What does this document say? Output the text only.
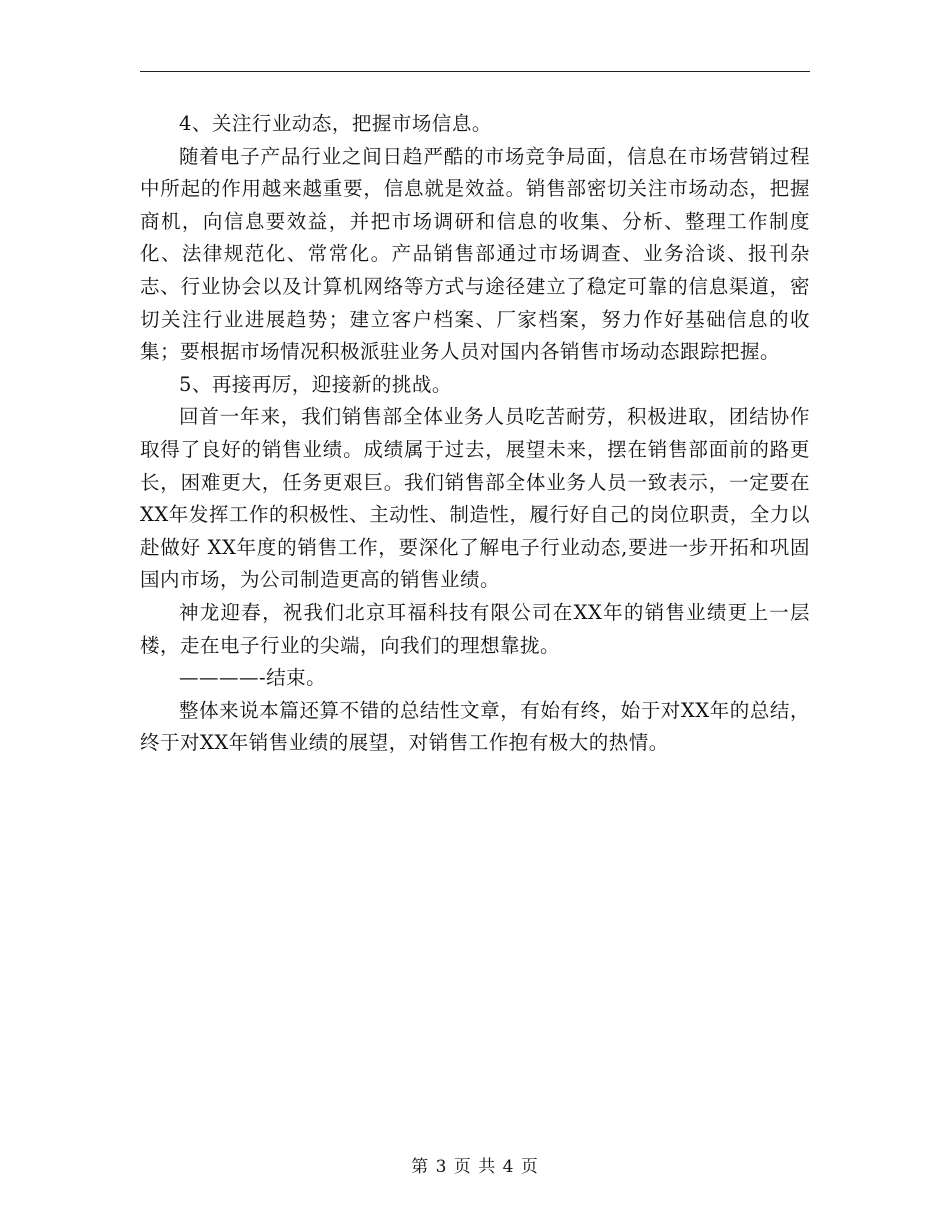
4、关注行业动态，把握市场信息。

随着电子产品行业之间日趋严酷的市场竞争局面，信息在市场营销过程中所起的作用越来越重要，信息就是效益。销售部密切关注市场动态，把握商机，向信息要效益，并把市场调研和信息的收集、分析、整理工作制度化、法律规范化、常常化。产品销售部通过市场调查、业务洽谈、报刊杂志、行业协会以及计算机网络等方式与途径建立了稳定可靠的信息渠道，密切关注行业进展趋势；建立客户档案、厂家档案，努力作好基础信息的收集；要根据市场情况积极派驻业务人员对国内各销售市场动态跟踪把握。

5、再接再厉，迎接新的挑战。

回首一年来，我们销售部全体业务人员吃苦耐劳，积极进取，团结协作取得了良好的销售业绩。成绩属于过去，展望未来，摆在销售部面前的路更长，困难更大，任务更艰巨。我们销售部全体业务人员一致表示，一定要在XX年发挥工作的积极性、主动性、制造性，履行好自己的岗位职责，全力以赴做好 XX年度的销售工作，要深化了解电子行业动态,要进一步开拓和巩固国内市场，为公司制造更高的销售业绩。

神龙迎春，祝我们北京耳福科技有限公司在XX年的销售业绩更上一层楼，走在电子行业的尖端，向我们的理想靠拢。

————-结束。

整体来说本篇还算不错的总结性文章，有始有终，始于对XX年的总结，终于对XX年销售业绩的展望，对销售工作抱有极大的热情。

第 3 页 共 4 页
